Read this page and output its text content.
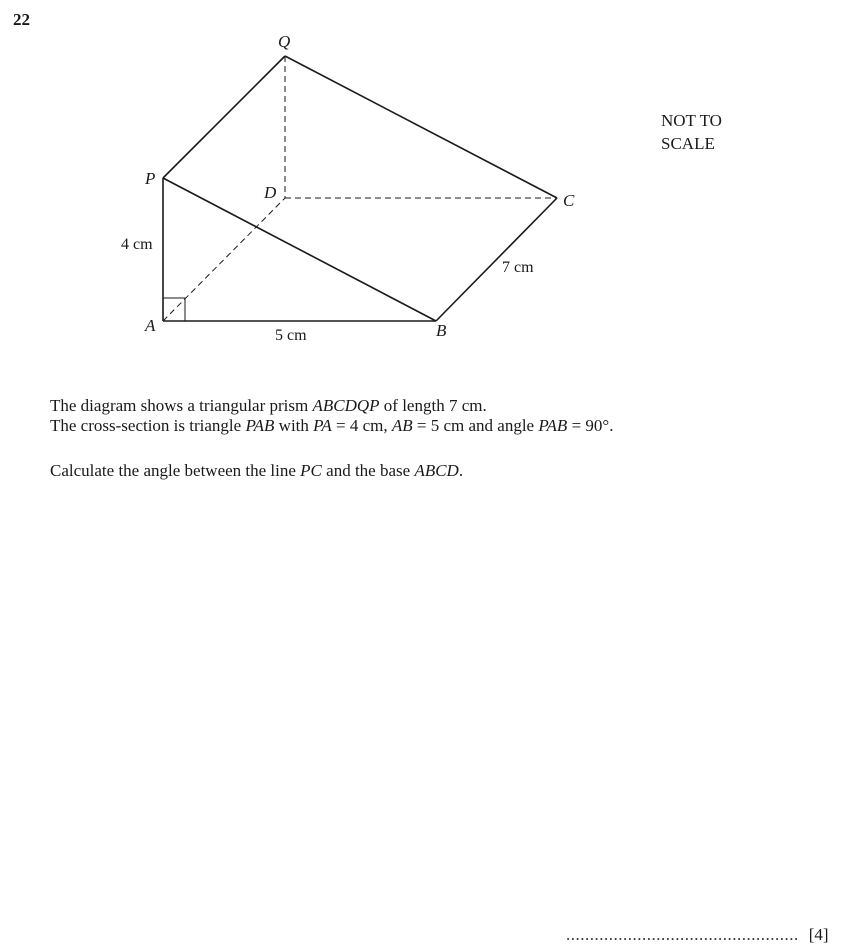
22
Q
P
D	C
A	B
4 cm
5 cm
7 cm
NOT TO
SCALE
The diagram shows a triangular prism ABCDQP of length 7 cm.
The cross-section is triangle PAB with PA = 4 cm, AB = 5 cm and angle PAB = 90°.
Calculate the angle between the line PC and the base ABCD.
................................................. [4]
